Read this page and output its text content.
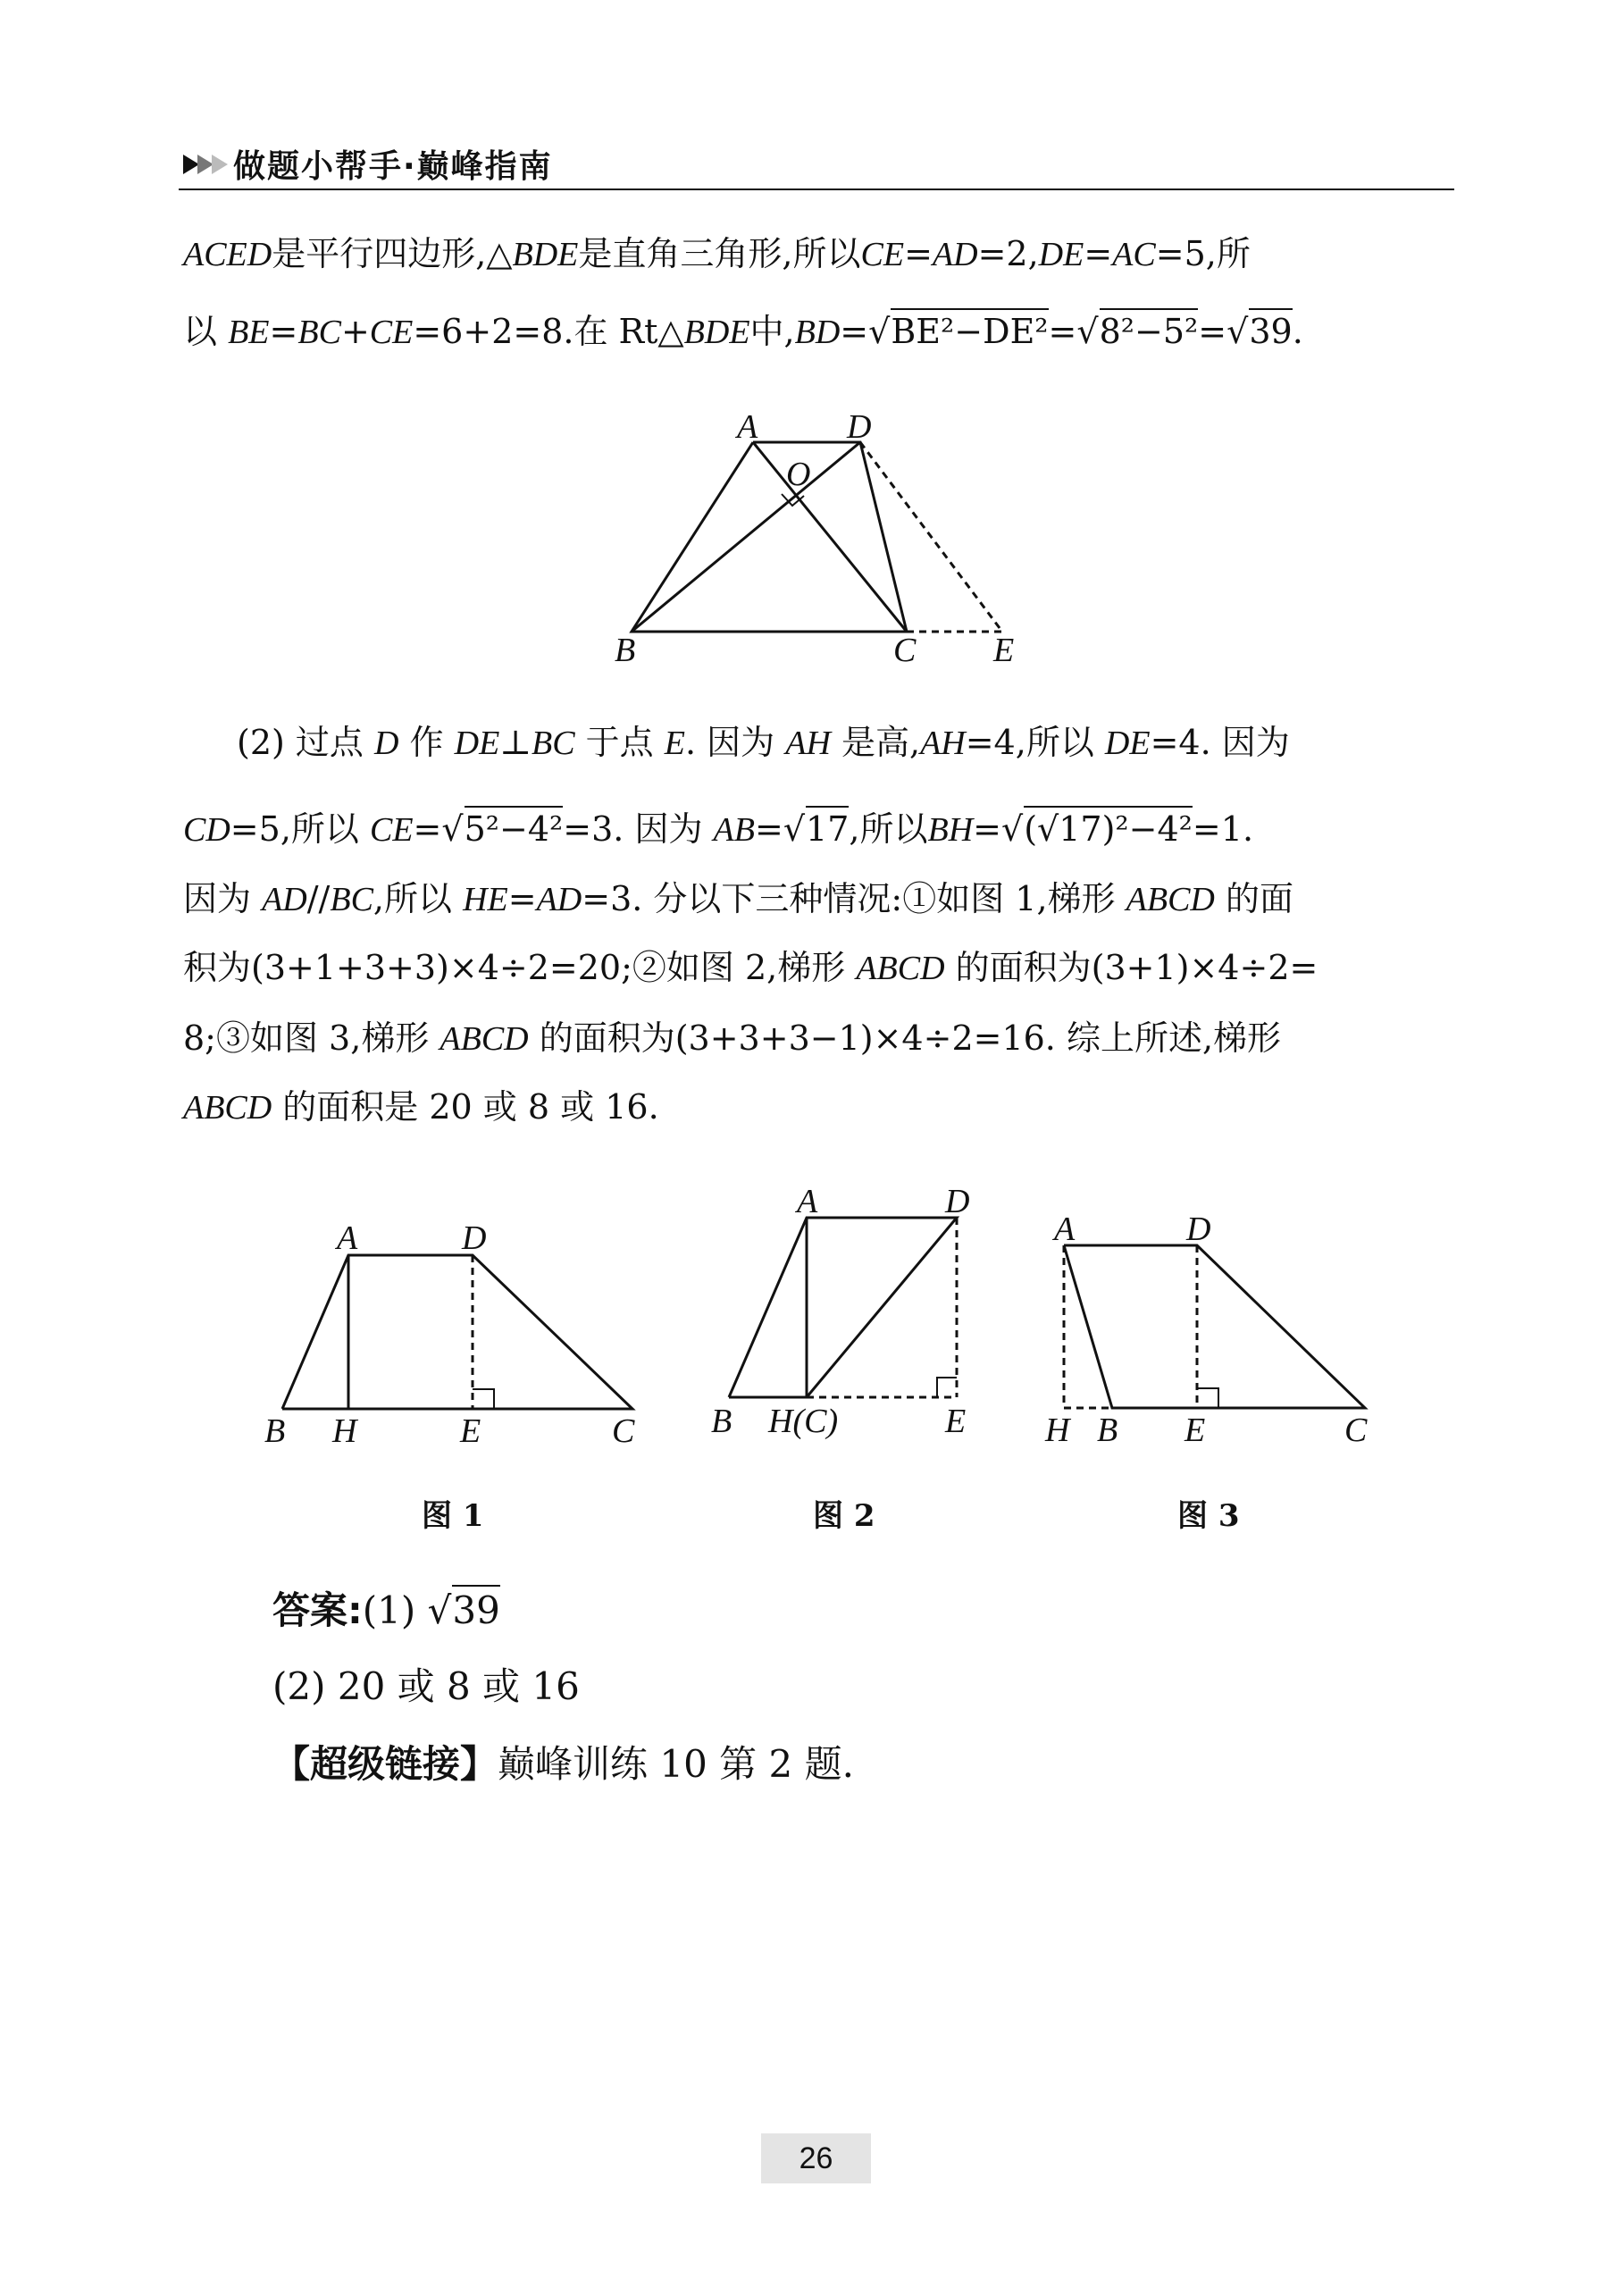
做题小帮手·巅峰指南
ACED是平行四边形,△BDE是直角三角形,所以CE=AD=2,DE=AC=5,所
以 BE=BC+CE=6+2=8.在 Rt△BDE中,BD=√BE²−DE²=√8²−5²=√39.
(2) 过点 D 作 DE⊥BC 于点 E. 因为 AH 是高,AH=4,所以 DE=4. 因为
CD=5,所以 CE=√5²−4²=3. 因为 AB=√17,所以BH=√(√17)²−4²=1.
因为 AD//BC,所以 HE=AD=3. 分以下三种情况:①如图 1,梯形 ABCD 的面
积为(3+1+3+3)×4÷2=20;②如图 2,梯形 ABCD 的面积为(3+1)×4÷2=
8;③如图 3,梯形 ABCD 的面积为(3+3+3−1)×4÷2=16. 综上所述,梯形
ABCD 的面积是 20 或 8 或 16.
答案:(1) √39
(2) 20 或 8 或 16
【超级链接】巅峰训练 10 第 2 题.
A	D
O
B	C E
A	D
B H	E	C
图 1
A	D
B H(C)	E
图 2
A	D
H B E	C
图 3
26
